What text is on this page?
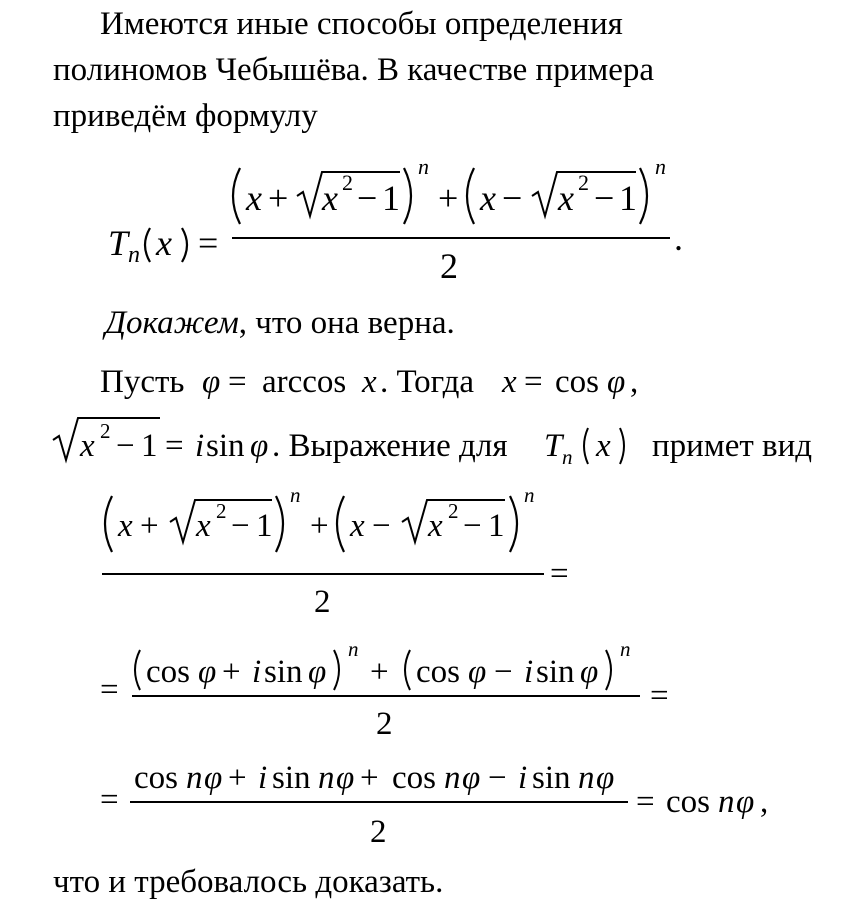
Имеются иные способы определения
полиномов Чебышёва. В качестве примера
приведём формулу
T n x =
x + x 2 − 1
n
+ x − x 2 − 1
n
2
.
Докажем, что она верна.
Пусть φ = arccos x . Тогда x = cos φ ,
x 2 − 1 = i sin φ . Выражение для T n x примет вид
x + x 2 − 1
n
+ x − x 2 − 1
n
2
=
= cos φ + i sin φ
n
+ cos φ − i sin φ
n
2
=
=
cos n φ + i sin n φ + cos n φ − i sin n φ
2
= cos n φ ,
что и требовалось доказать.
